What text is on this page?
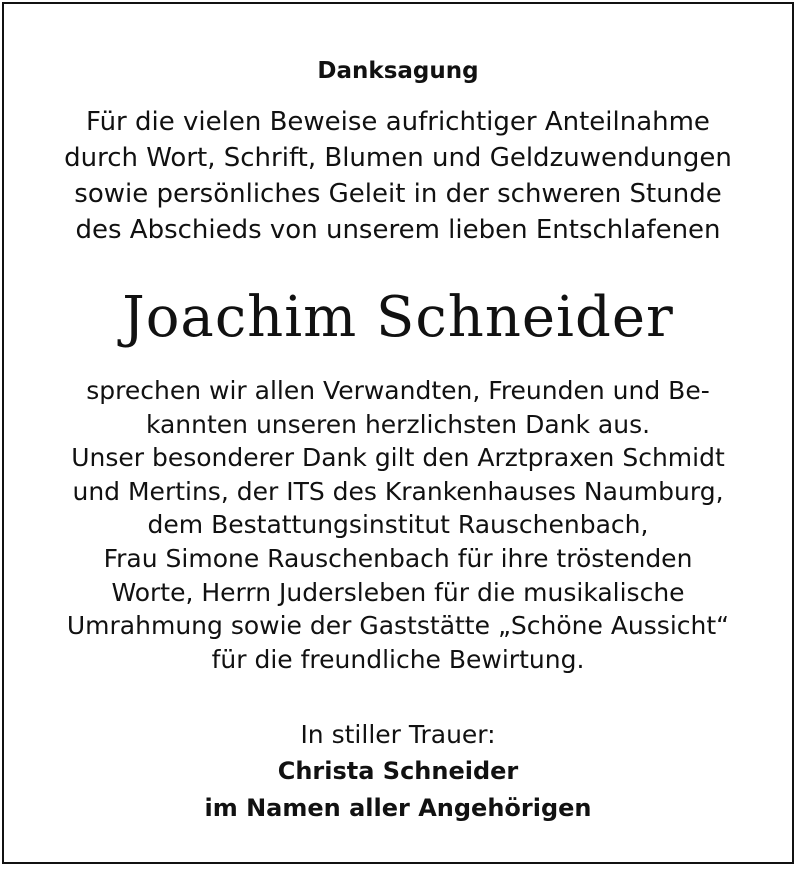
Danksagung
Für die vielen Beweise aufrichtiger Anteilnahme
durch Wort, Schrift, Blumen und Geldzuwendungen
sowie persönliches Geleit in der schweren Stunde
des Abschieds von unserem lieben Entschlafenen
Joachim Schneider
sprechen wir allen Verwandten, Freunden und Be-
kannten unseren herzlichsten Dank aus.
Unser besonderer Dank gilt den Arztpraxen Schmidt
und Mertins, der ITS des Krankenhauses Naumburg,
dem Bestattungsinstitut Rauschenbach,
Frau Simone Rauschenbach für ihre tröstenden
Worte, Herrn Judersleben für die musikalische
Umrahmung sowie der Gaststätte „Schöne Aussicht“
für die freundliche Bewirtung.
In stiller Trauer:
Christa Schneider
im Namen aller Angehörigen
